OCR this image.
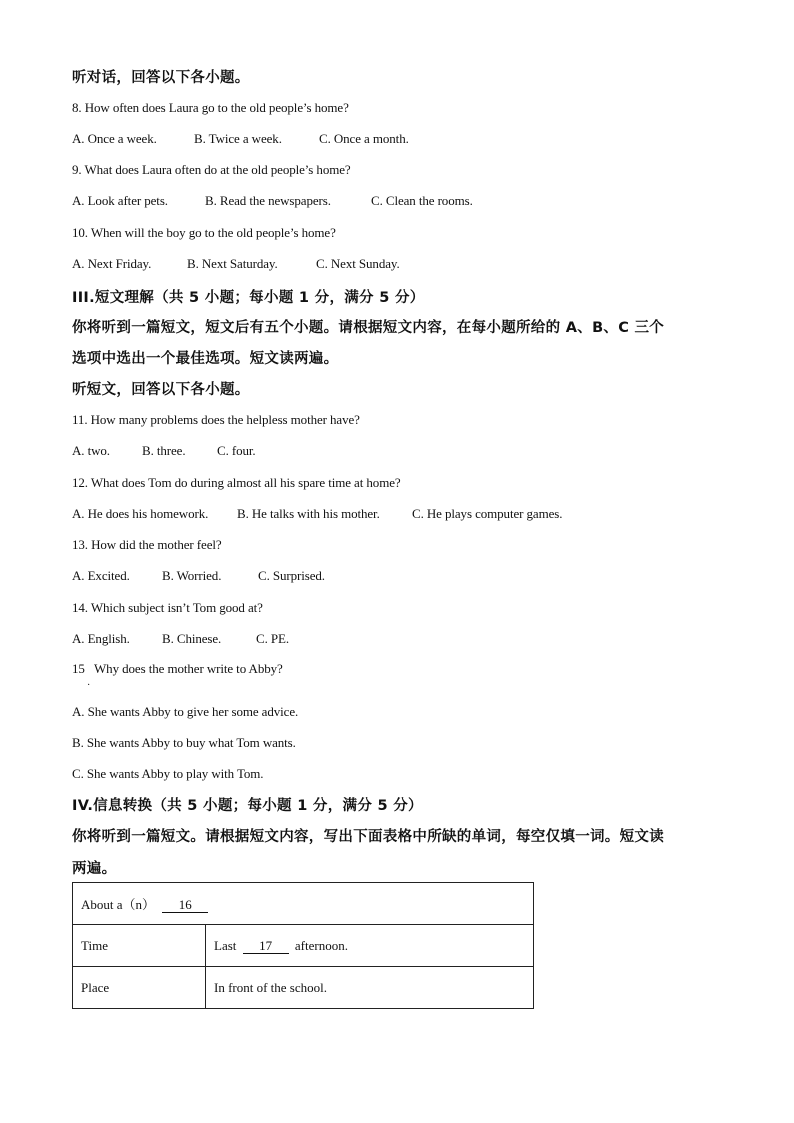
听对话，回答以下各小题。
8. How often does Laura go to the old people’s home?
A. Once a week.	B. Twice a week.	C. Once a month.
9. What does Laura often do at the old people’s home?
A. Look after pets.	B. Read the newspapers.	C. Clean the rooms.
10. When will the boy go to the old people’s home?
A. Next Friday.	B. Next Saturday.	C. Next Sunday.
III.短文理解（共 5 小题；每小题 1 分，满分 5 分）
你将听到一篇短文，短文后有五个小题。请根据短文内容，在每小题所给的 A、B、C 三个
选项中选出一个最佳选项。短文读两遍。
听短文，回答以下各小题。
11. How many problems does the helpless mother have?
A. two. B. three. C. four.
12. What does Tom do during almost all his spare time at home?
A. He does his homework. B. He talks with his mother. C. He plays computer games.
13. How did the mother feel?
A. Excited. B. Worried.	C. Surprised.
14. Which subject isn’t Tom good at?
A. English. B. Chinese.	C. PE.
15   Why does the mother write to Abby?
·
A. She wants Abby to give her some advice.
B. She wants Abby to buy what Tom wants.
C. She wants Abby to play with Tom.
IV.信息转换（共 5 小题；每小题 1 分，满分 5 分）
你将听到一篇短文。请根据短文内容，写出下面表格中所缺的单词，每空仅填一词。短文读
两遍。
About a（n） 16	
Time	Last 17 afternoon.
Place	In front of the school.
